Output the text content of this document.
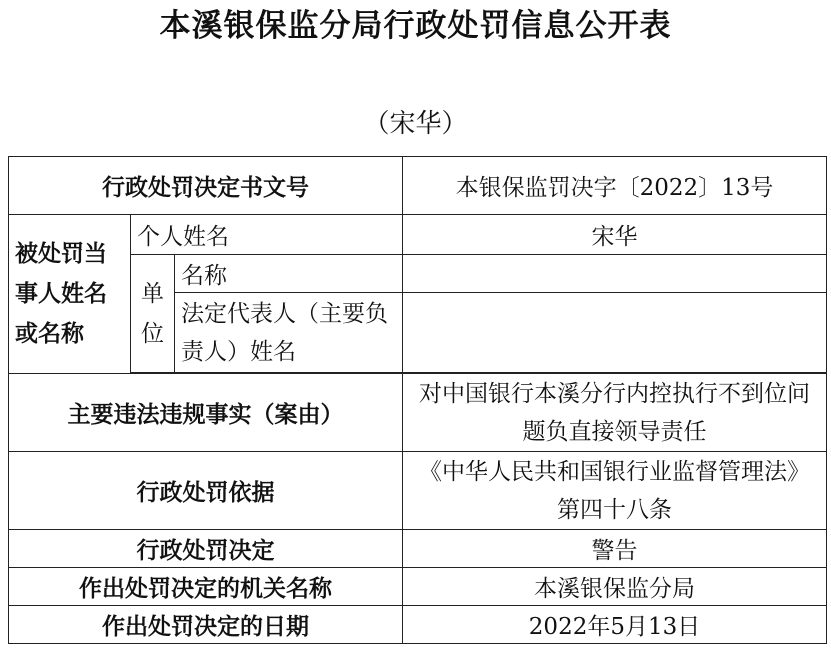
本溪银保监分局行政处罚信息公开表
（宋华）
行政处罚决定书文号			本银保监罚决字〔2022〕13号
被处罚当事人姓名或名称	个人姓名		宋华
	单位	名称	
		法定代表人（主要负责人）姓名	

主要违法违规事实（案由）			对中国银行本溪分行内控执行不到位问题负直接领导责任
行政处罚依据			《中华人民共和国银行业监督管理法》第四十八条
行政处罚决定			警告
作出处罚决定的机关名称			本溪银保监分局
作出处罚决定的日期			2022年5月13日
